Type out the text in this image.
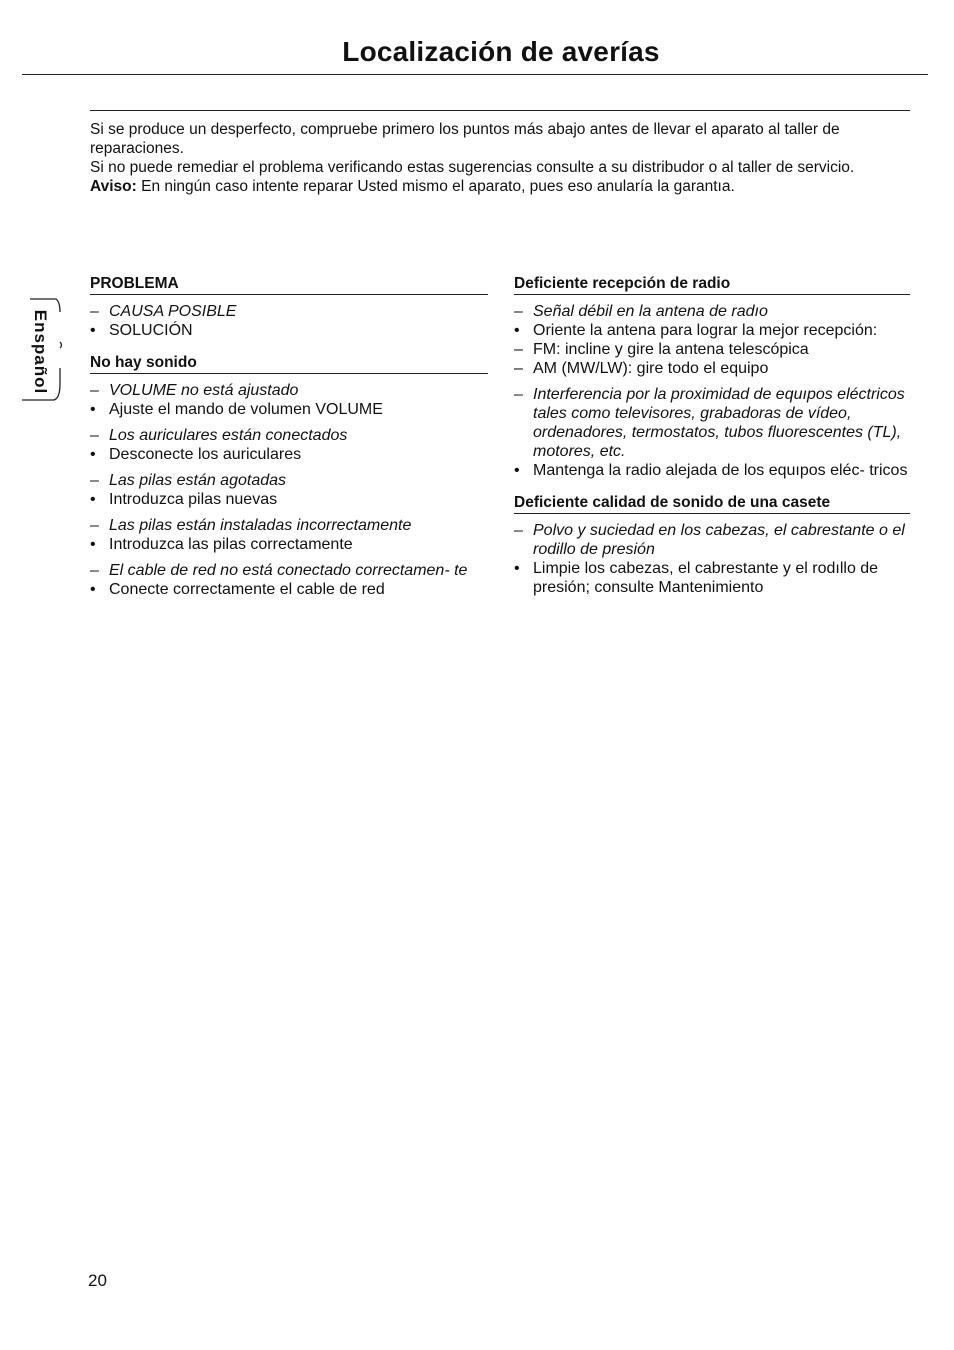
Localización de averías

Si se produce un desperfecto, compruebe primero los puntos más abajo antes de llevar el aparato al taller de reparaciones.

Si no puede remediar el problema verificando estas sugerencias consulte a su distribudor o al taller de servicio.

Aviso: En ningún caso intente reparar Usted mismo el aparato, pues eso anularía la garantıa.

Enspañol
PROBLEMA
– CAUSA POSIBLE
• SOLUCIÓN
No hay sonido
– VOLUME no está ajustado
• Ajuste el mando de volumen VOLUME
– Los auriculares están conectados
• Desconecte los auriculares
– Las pilas están agotadas
• Introduzca pilas nuevas
– Las pilas están instaladas incorrectamente
• Introduzca las pilas correctamente
– El cable de red no está conectado correctamen- te
• Conecte correctamente el cable de red
Deficiente recepción de radio
– Señal débil en la antena de radıo
• Oriente la antena para lograr la mejor recepción:
– FM: incline y gire la antena telescópica
– AM (MW/LW): gire todo el equipo
– Interferencia por la proximidad de equıpos eléctricos tales como televisores, grabadoras de vídeo, ordenadores, termostatos, tubos fluorescentes (TL), motores, etc.
• Mantenga la radio alejada de los equıpos eléc- tricos
Deficiente calidad de sonido de una casete
– Polvo y suciedad en los cabezas, el cabrestante o el rodillo de presión
• Limpie los cabezas, el cabrestante y el rodıllo de presión; consulte Mantenimiento
20
